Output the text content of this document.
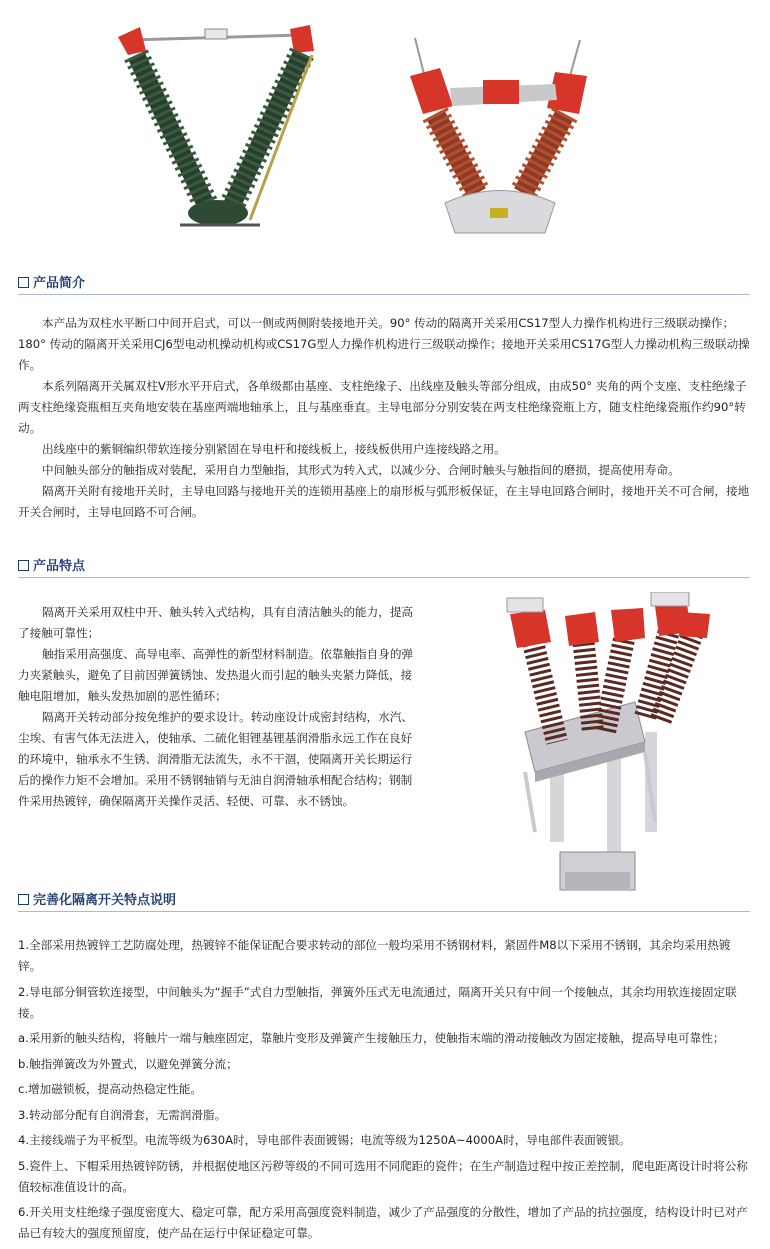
产品简介

本产品为双柱水平断口中间开启式，可以一侧或两侧附装接地开关。90° 传动的隔离开关采用CS17型人力操作机构进行三级联动操作；180° 传动的隔离开关采用CJ6型电动机操动机构或CS17G型人力操作机构进行三级联动操作；接地开关采用CS17G型人力操动机构三级联动操作。

本系列隔离开关属双柱V形水平开启式，各单级都由基座、支柱绝缘子、出线座及触头等部分组成，由成50° 夹角的两个支座、支柱绝缘子两支柱绝缘瓷瓶相互夹角地安装在基座两端地轴承上，且与基座垂直。主导电部分分别安装在两支柱绝缘瓷瓶上方，随支柱绝缘瓷瓶作约90°转动。

出线座中的紫铜编织带软连接分别紧固在导电杆和接线板上，接线板供用户连接线路之用。

中间触头部分的触指成对装配，采用自力型触指，其形式为转入式，以减少分、合闸时触头与触指间的磨损，提高使用寿命。

隔离开关附有接地开关时，主导电回路与接地开关的连锁用基座上的扇形板与弧形板保证，在主导电回路合闸时，接地开关不可合闸，接地开关合闸时，主导电回路不可合闸。

产品特点

隔离开关采用双柱中开、触头转入式结构，具有自清洁触头的能力，提高了接触可靠性；

触指采用高强度、高导电率、高弹性的新型材料制造。依靠触指自身的弹力夹紧触头，避免了目前因弹簧锈蚀、发热退火而引起的触头夹紧力降低，接触电阻增加，触头发热加剧的恶性循环；

隔离开关转动部分按免维护的要求设计。转动座设计成密封结构，水汽、尘埃、有害气体无法进入，使轴承、二硫化钼锂基锂基润滑脂永远工作在良好的环境中，轴承永不生锈、润滑脂无法流失，永不干涸，使隔离开关长期运行后的操作力矩不会增加。采用不锈钢轴销与无油自润滑轴承相配合结构；钢制件采用热镀锌，确保隔离开关操作灵活、轻便、可靠、永不锈蚀。

完善化隔离开关特点说明

1.全部采用热镀锌工艺防腐处理，热镀锌不能保证配合要求转动的部位一般均采用不锈钢材料，紧固件M8以下采用不锈钢，其余均采用热镀锌。

2.导电部分铜管软连接型，中间触头为“握手”式自力型触指，弹簧外压式无电流通过，隔离开关只有中间一个接触点，其余均用软连接固定联接。

a.采用新的触头结构，将触片一端与触座固定，靠触片变形及弹簧产生接触压力，使触指末端的滑动接触改为固定接触，提高导电可靠性；

b.触指弹簧改为外置式，以避免弹簧分流；

c.增加磁锁板，提高动热稳定性能。

3.转动部分配有自润滑套，无需润滑脂。

4.主接线端子为平板型。电流等级为630A时，导电部件表面镀锡；电流等级为1250A~4000A时，导电部件表面镀银。

5.瓷件上、下帽采用热镀锌防锈，并根据使地区污秽等级的不同可选用不同爬距的瓷件；在生产制造过程中按正差控制，爬电距离设计时将公称值较标准值设计的高。

6.开关用支柱绝缘子强度密度大、稳定可靠，配方采用高强度瓷料制造，减少了产品强度的分散性，增加了产品的抗拉强度，结构设计时已对产品已有较大的强度预留度，使产品在运行中保证稳定可靠。
